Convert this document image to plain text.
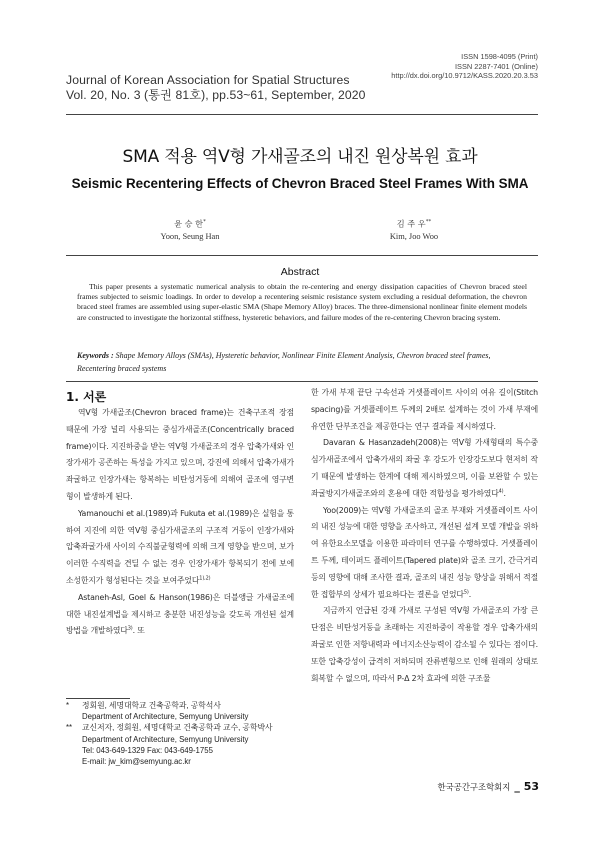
ISSN 1598-4095 (Print)
ISSN 2287-7401 (Online)
http://dx.doi.org/10.9712/KASS.2020.20.3.53
Journal of Korean Association for Spatial Structures
Vol. 20, No. 3 (통권 81호), pp.53~61, September, 2020
SMA 적용 역V형 가새골조의 내진 원상복원 효과
Seismic Recentering Effects of Chevron Braced Steel Frames With SMA
윤 승 한*
Yoon, Seung Han
김 주 우**
Kim, Joo Woo
Abstract
This paper presents a systematic numerical analysis to obtain the re-centering and energy dissipation capacities of Chevron braced steel frames subjected to seismic loadings. In order to develop a recentering seismic resistance system excluding a residual deformation, the chevron braced steel frames are assembled using super-elastic SMA (Shape Memory Alloy) braces. The three-dimensional nonlinear finite element models are constructed to investigate the horizontal stiffness, hysteretic behaviors, and failure modes of the re-centering Chevron bracing system.
Keywords : Shape Memory Alloys (SMAs), Hysteretic behavior, Nonlinear Finite Element Analysis, Chevron braced steel frames, Recentering braced systems
1. 서론

역V형 가새골조(Chevron braced frame)는 건축구조적 장점 때문에 가장 널리 사용되는 중심가새골조(Concentrically braced frame)이다. 지진하중을 받는 역V형 가새골조의 경우 압축가새와 인장가새가 공존하는 특성을 가지고 있으며, 강진에 의해서 압축가새가 좌굴하고 인장가새는 항복하는 비탄성거동에 의해여 골조에 영구변형이 발생하게 된다.

Yamanouchi et al.(1989)과 Fukuta et al.(1989)은 실험을 통하여 지진에 의한 역V형 중심가새골조의 구조적 거동이 인장가새와 압축좌굴가새 사이의 수직불균형력에 의해 크게 영향을 받으며, 보가 이러한 수직력을 견딜 수 없는 경우 인장가새가 항복되기 전에 보에 소성한지가 형성된다는 것을 보여주었다$^{1),2)}$

Astaneh-Asl, Goel & Hanson(1986)은 더블앵글 가새골조에 대한 내진설계법을 제시하고 충분한 내진성능을 갖도록 개선된 설계 방법을 개발하였다$^{3)}$. 또

한 가새 부재 끝단 구속선과 거셋플레이트 사이의 여유 길이(Stitch spacing)를 거셋플레이트 두께의 2배로 설계하는 것이 가새 부재에 유연한 단부조건을 제공한다는 연구 결과를 제시하였다.

Davaran & Hasanzadeh(2008)는 역V형 가새형태의 특수중심가새골조에서 압축가새의 좌굴 후 강도가 인장강도보다 현저히 작기 때문에 발생하는 한계에 대해 제시하였으며, 이를 보완할 수 있는 좌굴방지가새골조와의 혼용에 대한 적합성을 평가하였다$^{4)}$.

Yoo(2009)는 역V형 가새골조의 골조 부재와 거셋플레이트 사이의 내진 성능에 대한 영향을 조사하고, 개선된 설계 모델 개발을 위하여 유한요소모델을 이용한 파라미터 연구를 수행하였다. 거셋플레이트 두께, 테이퍼드 플레이트(Tapered plate)와 골조 크기, 간극거리 등의 영향에 대해 조사한 결과, 골조의 내진 성능 향상을 위해서 적절한 접합부의 상세가 필요하다는 결론을 얻었다$^{5)}$.

지금까지 언급된 강재 가새로 구성된 역V형 가새골조의 가장 큰 단점은 비탄성거동을 초래하는 지진하중이 작용할 경우 압축가새의 좌굴로 인한 저항내력과 에너지소산능력이 감소될 수 있다는 점이다. 또한 압축강성이 급격히 저하되며 잔류변형으로 인해 원래의 상태로 회복할 수 없으며, 따라서 P-Δ 2차 효과에 의한 구조물

*	정회원, 세명대학교 건축공학과, 공학석사
Department of Architecture, Semyung University
**	교신저자, 정회원, 세명대학교 건축공학과 교수, 공학박사
Department of Architecture, Semyung University
Tel: 043-649-1329 Fax: 043-649-1755
E-mail: jw_kim@semyung.ac.kr
한국공간구조학회지 _ 53
